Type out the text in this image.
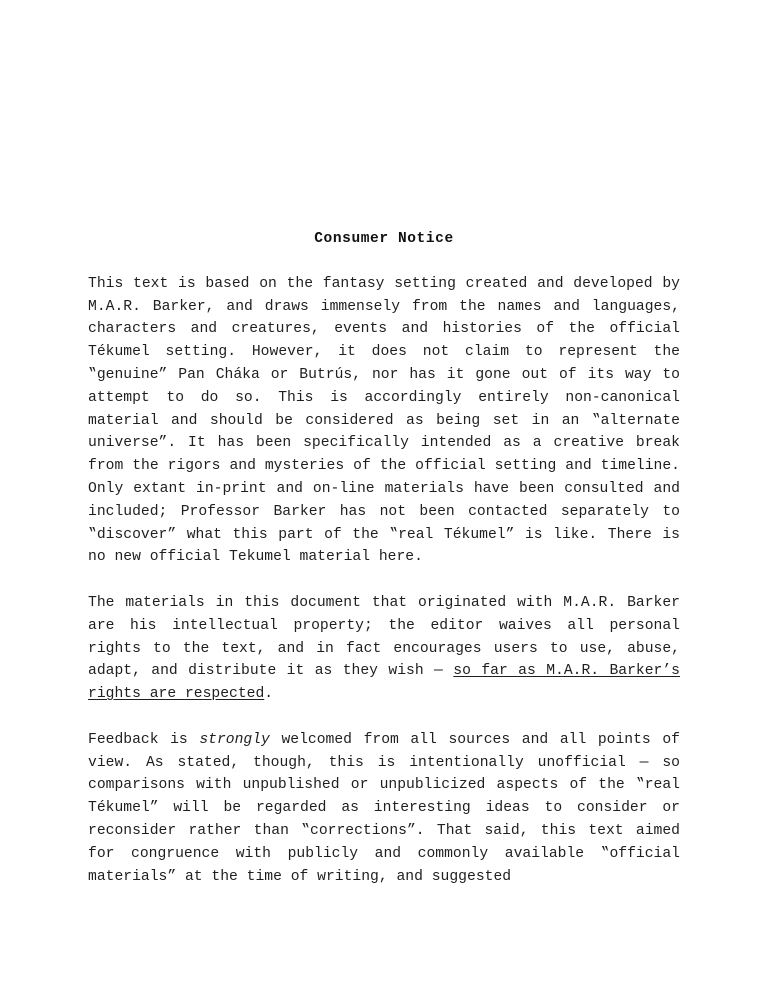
Consumer Notice

This text is based on the fantasy setting created and developed by M.A.R. Barker, and draws immensely from the names and languages, characters and creatures, events and histories of the official Tékumel setting. However, it does not claim to represent the ‟genuine” Pan Cháka or Butrús, nor has it gone out of its way to attempt to do so. This is accordingly entirely non-canonical material and should be considered as being set in an ‟alternate universe”. It has been specifically intended as a creative break from the rigors and mysteries of the official setting and timeline. Only extant in-print and on-line materials have been consulted and included; Professor Barker has not been contacted separately to ‟discover” what this part of the ‟real Tékumel” is like. There is no new official Tekumel material here.

The materials in this document that originated with M.A.R. Barker are his intellectual property; the editor waives all personal rights to the text, and in fact encourages users to use, abuse, adapt, and distribute it as they wish — so far as M.A.R. Barker’s rights are respected.

Feedback is strongly welcomed from all sources and all points of view. As stated, though, this is intentionally unofficial — so comparisons with unpublished or unpublicized aspects of the ‟real Tékumel” will be regarded as interesting ideas to consider or reconsider rather than ‟corrections”. That said, this text aimed for congruence with publicly and commonly available ‟official materials” at the time of writing, and suggested
